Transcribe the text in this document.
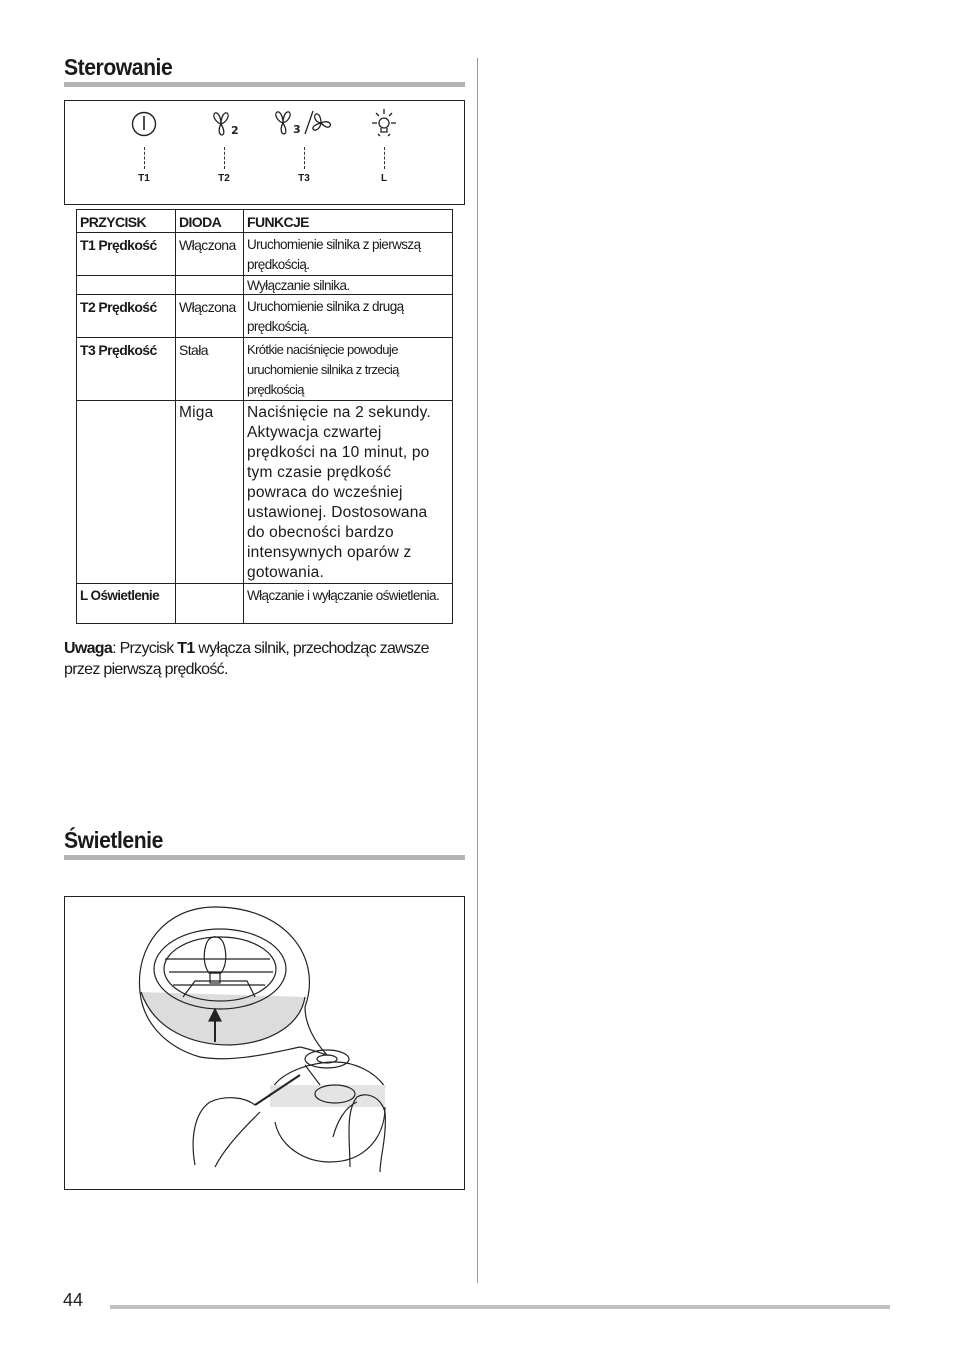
Sterowanie
2	3
T1	T2	T3	L
PRZYCISK	DIODA	FUNKCJE
T1 Prędkość	Włączona	Uruchomienie silnika z pierwszą prędkością.
		Wyłączanie silnika.
T2 Prędkość	Włączona	Uruchomienie silnika z drugą prędkością.
T3 Prędkość	Stała	Krótkie naciśnięcie powoduje uruchomienie silnika z trzecią prędkością
	Miga	Naciśnięcie na 2 sekundy. Aktywacja czwartej prędkości na 10 minut, po tym czasie prędkość powraca do wcześniej ustawionej. Dostosowana do obecności bardzo intensywnych oparów z gotowania.
L Oświetlenie		Włączanie i wyłączanie oświetlenia.
Uwaga: Przycisk T1 wyłącza silnik, przechodząc zawsze przez pierwszą prędkość.
Świetlenie
44
